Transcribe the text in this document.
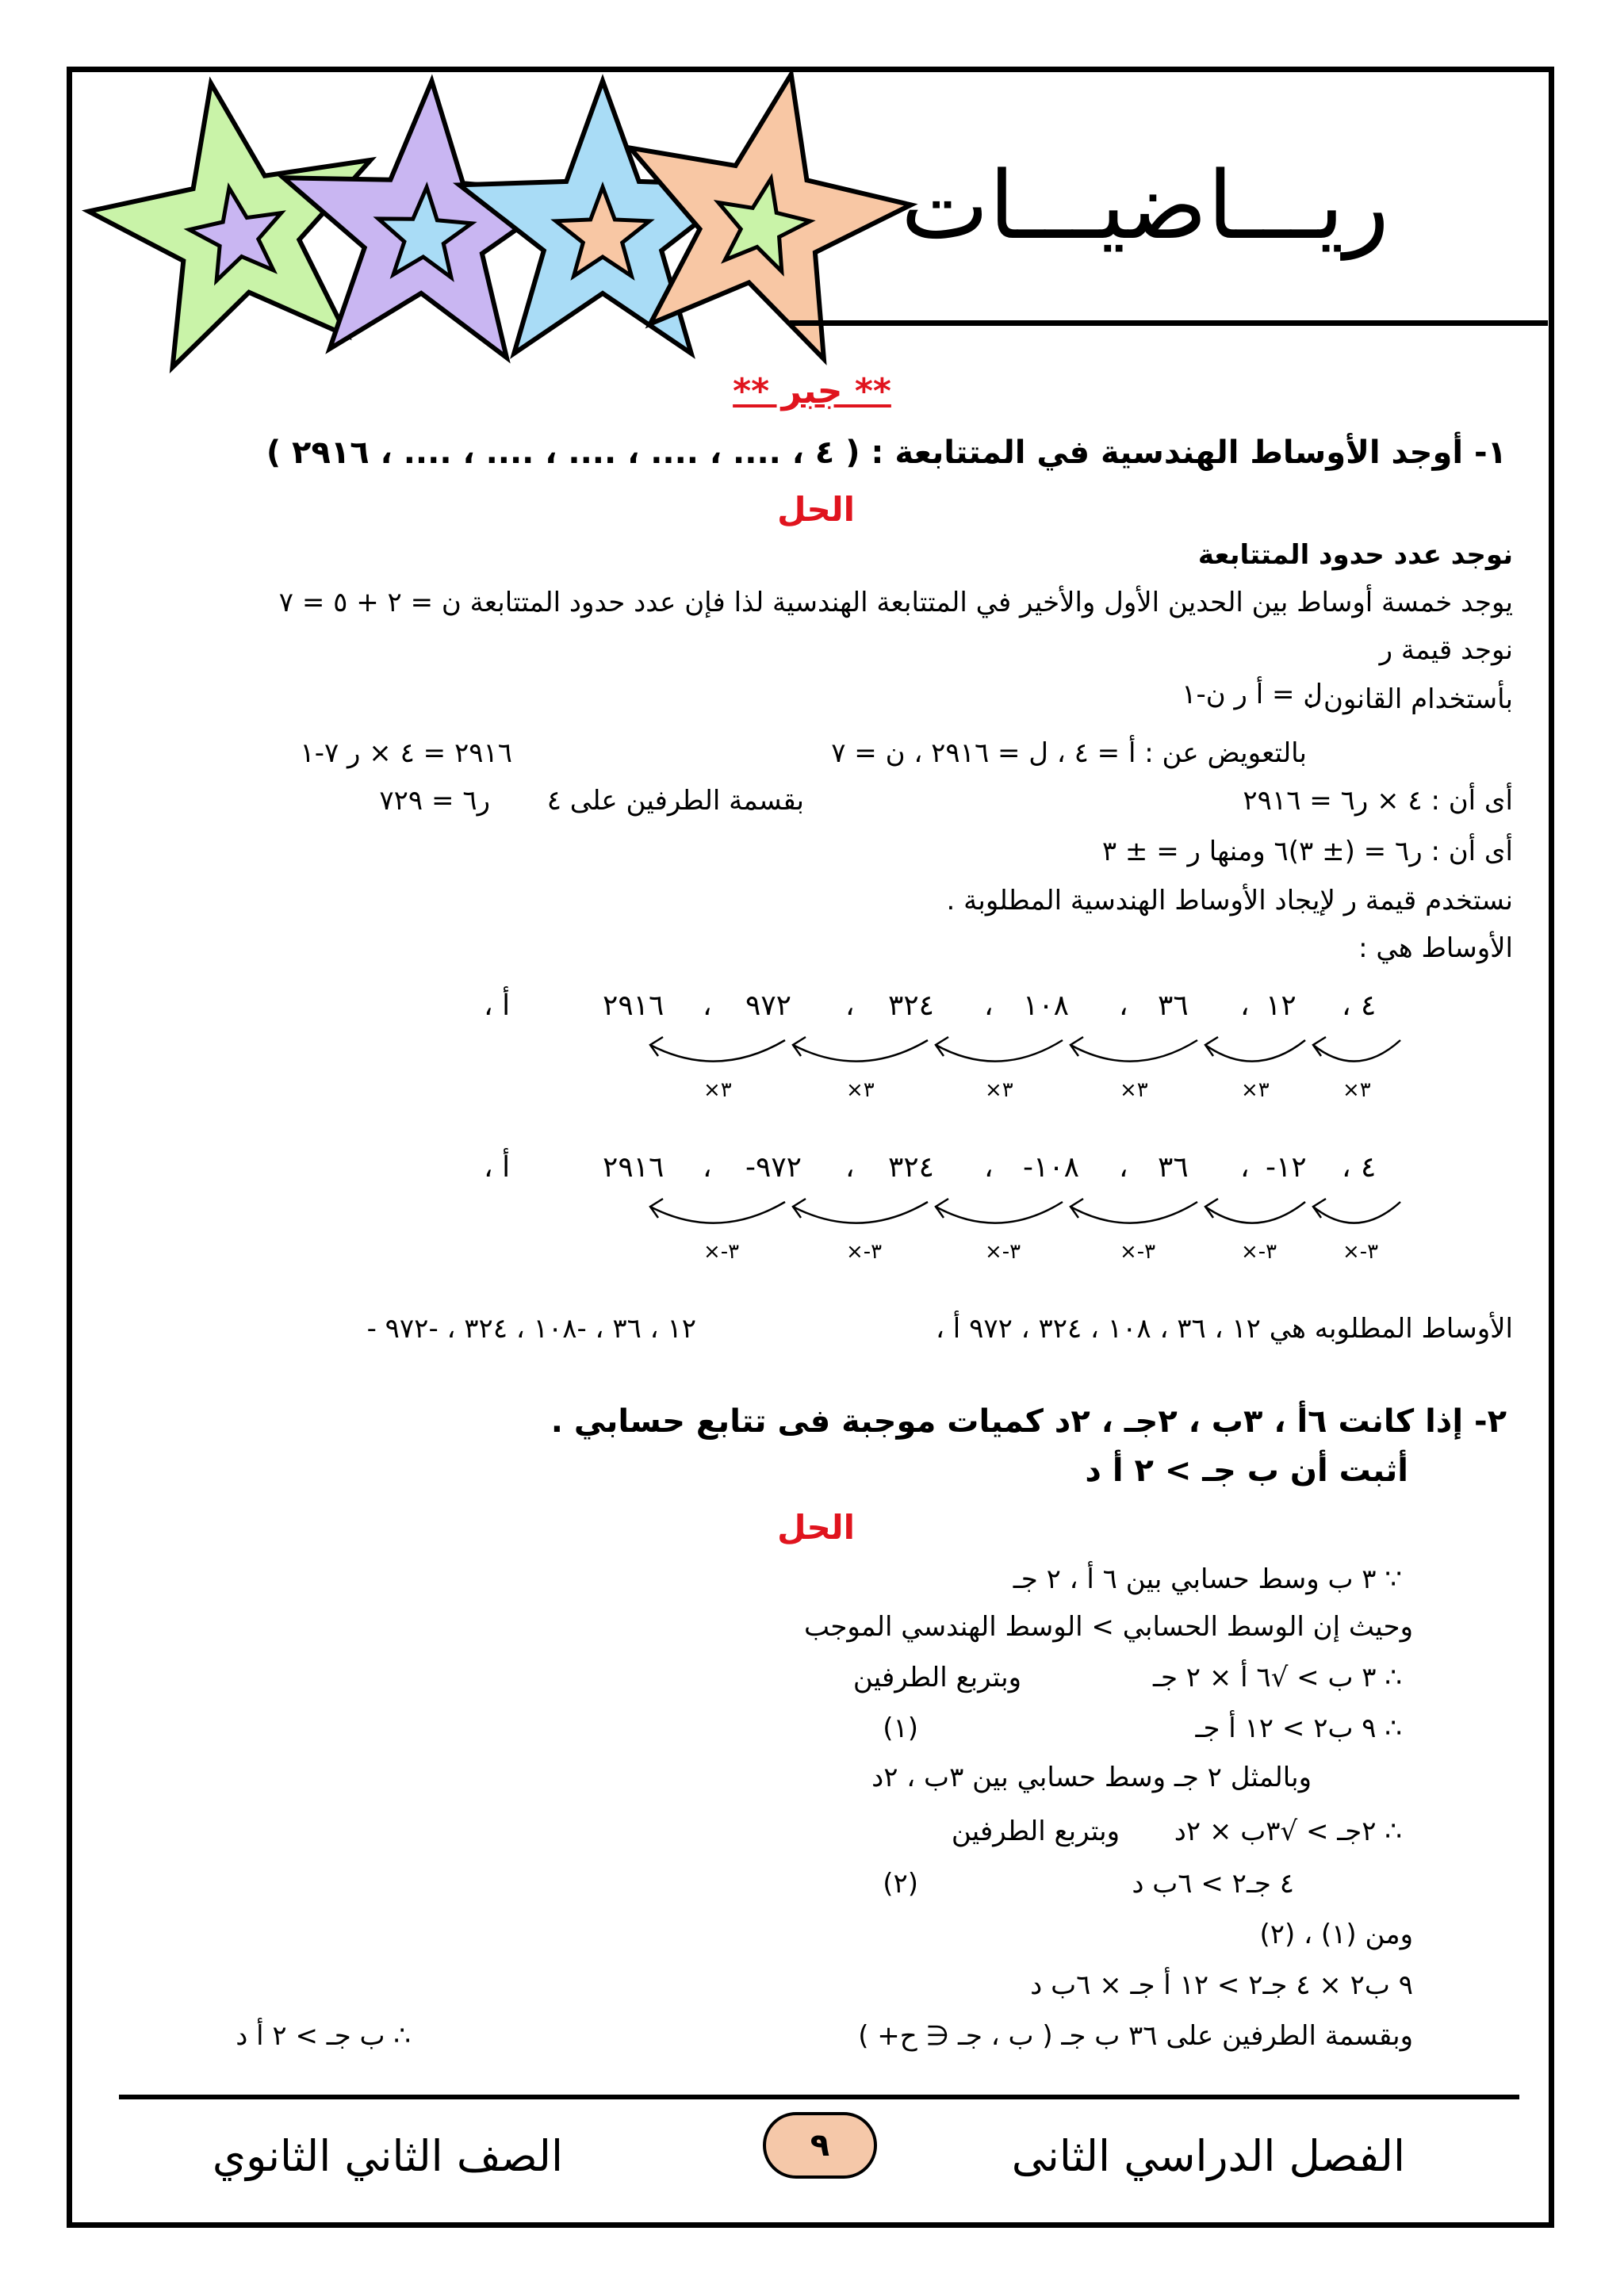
ريـــاضيـــات
** جبر **
١- أوجد الأوساط الهندسية في المتتابعة : ( ٤ ، .... ، .... ، .... ، .... ، .... ، ٢٩١٦ )
الحل
نوجد عدد حدود المتتابعة
يوجد خمسة أوساط بين الحدين الأول والأخير في المتتابعة الهندسية لذا فإن عدد حدود المتتابعة ن = ٢ + ٥ = ٧
نوجد قيمة ر
بأستخدام القانون :
ل = أ ر ن-١
بالتعويض عن : أ = ٤ ، ل = ٢٩١٦ ، ن = ٧
٢٩١٦ = ٤ × ر ٧-١
أى أن : ٤ × ر٦ = ٢٩١٦
بقسمة الطرفين على ٤
ر٦ = ٧٢٩
أى أن : ر٦ = (± ٣)٦ ومنها ر = ± ٣
نستخدم قيمة ر لإيجاد الأوساط الهندسية المطلوبة .
الأوساط هي :
٤
،
١٢
،
٣٦
،
١٠٨
،
٣٢٤
،
٩٧٢
،
٢٩١٦
أ ،
×٣
×٣
×٣
×٣
×٣
×٣
٤
،
-١٢
،
٣٦
،
-١٠٨
،
٣٢٤
،
-٩٧٢
،
٢٩١٦
أ ،
×-٣
×-٣
×-٣
×-٣
×-٣
×-٣
الأوساط المطلوبه هي ١٢ ، ٣٦ ، ١٠٨ ، ٣٢٤ ، ٩٧٢ أ ،
- ١٢ ، ٣٦ ، -١٠٨ ، ٣٢٤ ، -٩٧٢
٢- إذا كانت ٦أ ، ٣ب ، ٢جـ ، ٢د كميات موجبة فى تتابع حسابي .
أثبت أن ب جـ > ٢ أ د
الحل
∵ ٣ ب وسط حسابي بين ٦ أ ، ٢ جـ
وحيث إن الوسط الحسابي > الوسط الهندسي الموجب
∴ ٣ ب > √٦ أ × ٢ جـ
وبتربع الطرفين
∴ ٩ ب٢ > ١٢ أ جـ
(١)
وبالمثل ٢ جـ وسط حسابي بين ٣ب ، ٢د
∴ ٢جـ > √٣ب × ٢د
وبتربع الطرفين
٤ جـ٢ > ٦ب د
(٢)
ومن (١) ، (٢)
٩ ب٢ × ٤ جـ٢ > ١٢ أ جـ × ٦ب د
وبقسمة الطرفين على ٣٦ ب جـ ( ب ، جـ ∈ ح+ )
∴ ب جـ > ٢ أ د
الفصل الدراسي الثانى
٩
الصف الثاني الثانوي
